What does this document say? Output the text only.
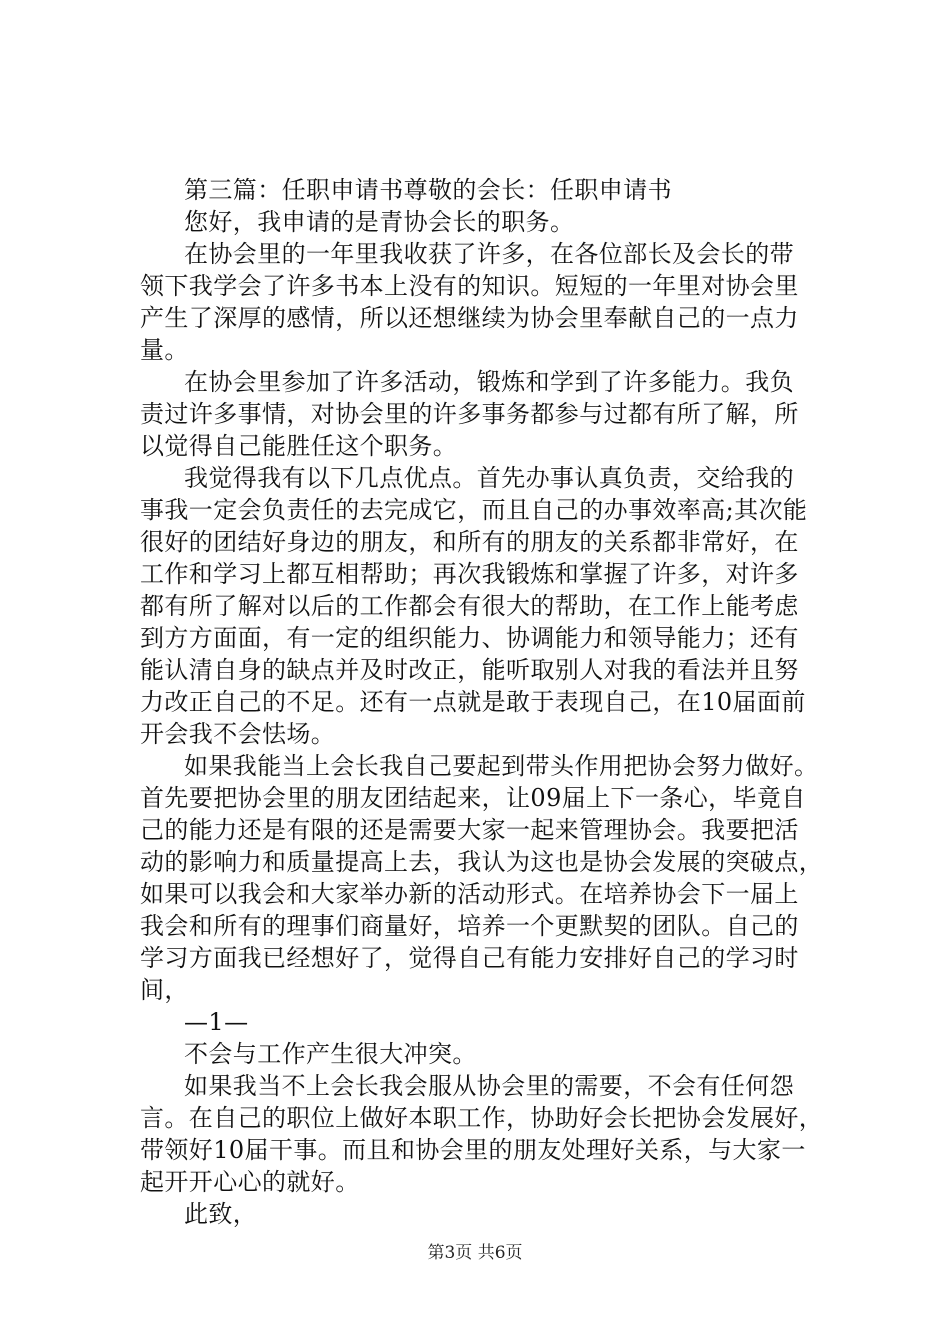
第三篇：任职申请书尊敬的会长：任职申请书
您好，我申请的是青协会长的职务。
在协会里的一年里我收获了许多，在各位部长及会长的带
领下我学会了许多书本上没有的知识。短短的一年里对协会里
产生了深厚的感情，所以还想继续为协会里奉献自己的一点力
量。
在协会里参加了许多活动，锻炼和学到了许多能力。我负
责过许多事情，对协会里的许多事务都参与过都有所了解，所
以觉得自己能胜任这个职务。
我觉得我有以下几点优点。首先办事认真负责，交给我的
事我一定会负责任的去完成它，而且自己的办事效率高;其次能
很好的团结好身边的朋友，和所有的朋友的关系都非常好，在
工作和学习上都互相帮助；再次我锻炼和掌握了许多，对许多
都有所了解对以后的工作都会有很大的帮助，在工作上能考虑
到方方面面，有一定的组织能力、协调能力和领导能力；还有
能认清自身的缺点并及时改正，能听取别人对我的看法并且努
力改正自己的不足。还有一点就是敢于表现自己，在10届面前
开会我不会怯场。
如果我能当上会长我自己要起到带头作用把协会努力做好。
首先要把协会里的朋友团结起来，让09届上下一条心，毕竟自
己的能力还是有限的还是需要大家一起来管理协会。我要把活
动的影响力和质量提高上去，我认为这也是协会发展的突破点，
如果可以我会和大家举办新的活动形式。在培养协会下一届上
我会和所有的理事们商量好，培养一个更默契的团队。自己的
学习方面我已经想好了，觉得自己有能力安排好自己的学习时
间，
—1—
不会与工作产生很大冲突。
如果我当不上会长我会服从协会里的需要，不会有任何怨
言。在自己的职位上做好本职工作，协助好会长把协会发展好，
带领好10届干事。而且和协会里的朋友处理好关系，与大家一
起开开心心的就好。
此致，
第3页 共6页
